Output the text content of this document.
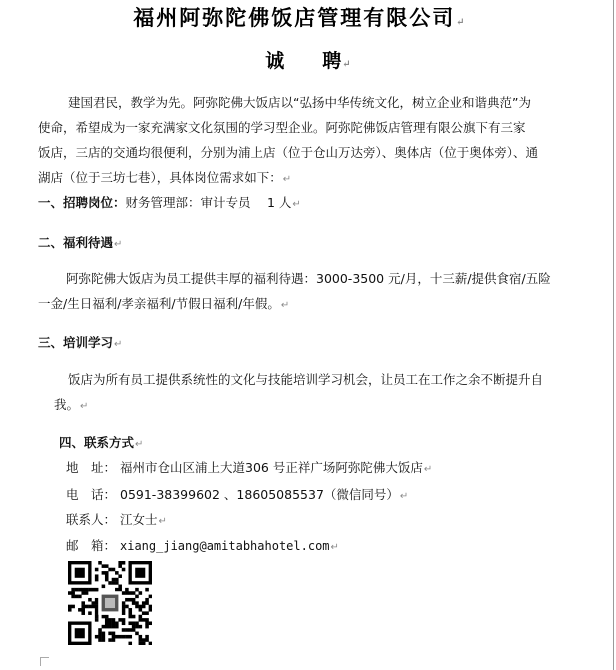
福州阿弥陀佛饭店管理有限公司↵
诚 聘↵
建国君民，教学为先。阿弥陀佛大饭店以“弘扬中华传统文化，树立企业和谐典范”为
使命，希望成为一家充满家文化氛围的学习型企业。阿弥陀佛饭店管理有限公旗下有三家
饭店，三店的交通均很便利，分别为浦上店（位于仓山万达旁）、奥体店（位于奥体旁）、通
湖店（位于三坊七巷），具体岗位需求如下：↵
一、招聘岗位：财务管理部：审计专员　 1 人↵
二、福利待遇↵
阿弥陀佛大饭店为员工提供丰厚的福利待遇：3000-3500 元/月，十三薪/提供食宿/五险
一金/生日福利/孝亲福利/节假日福利/年假。↵
三、培训学习↵
饭店为所有员工提供系统性的文化与技能培训学习机会，让员工在工作之余不断提升自
我。↵
四、联系方式↵
地　址： 福州市仓山区浦上大道306 号正祥广场阿弥陀佛大饭店↵
电　话： 0591-38399602 、18605085537（微信同号）↵
联系人： 江女士↵
邮　箱： xiang_jiang@amitabhahotel.com↵
